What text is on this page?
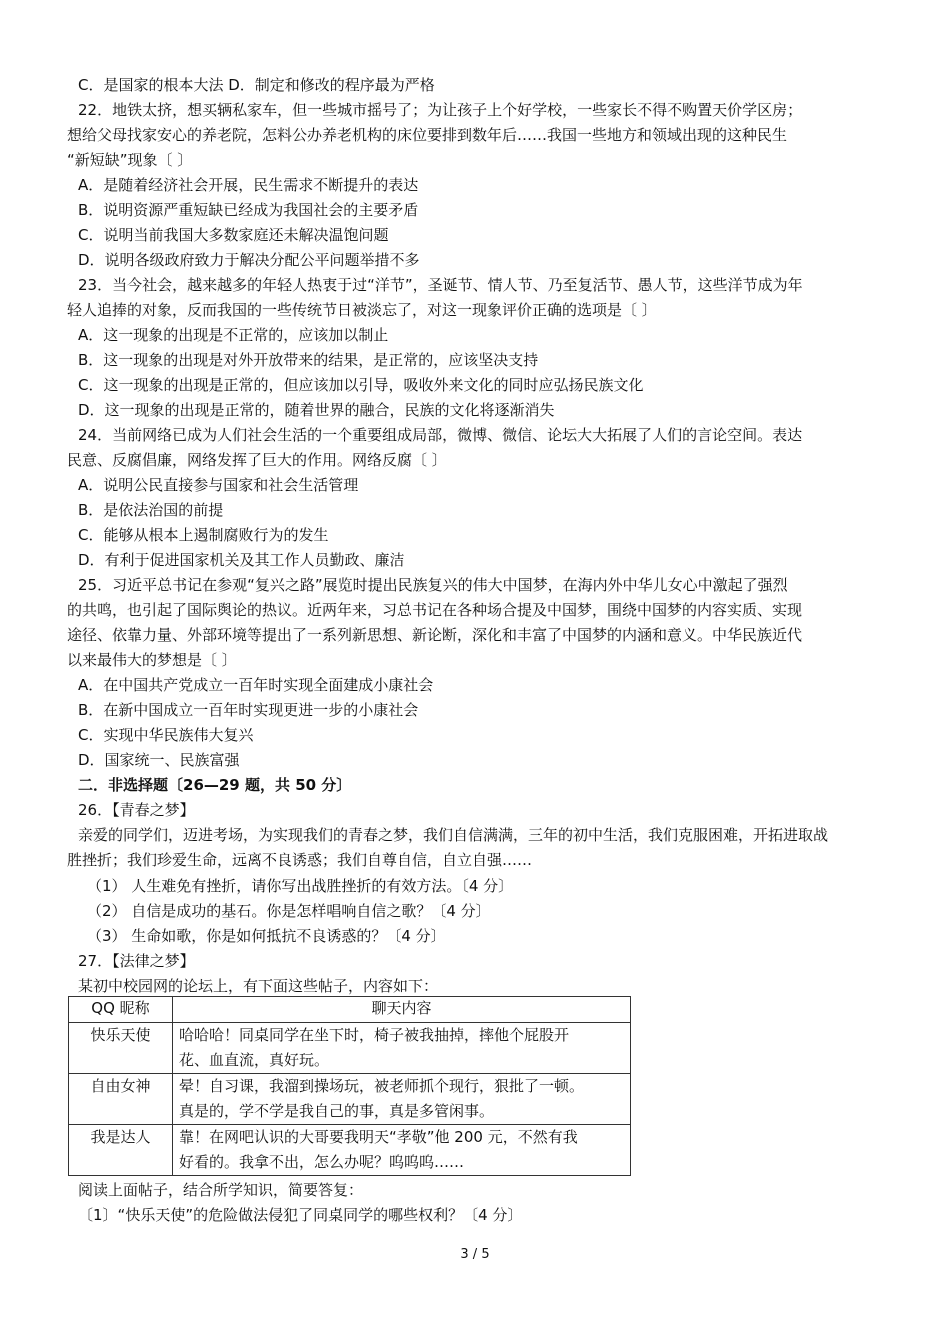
C．是国家的根本大法 D．制定和修改的程序最为严格
22．地铁太挤，想买辆私家车，但一些城市摇号了；为让孩子上个好学校，一些家长不得不购置天价学区房；
想给父母找家安心的养老院，怎料公办养老机构的床位要排到数年后……我国一些地方和领域出现的这种民生
“新短缺”现象〔 〕
A．是随着经济社会开展，民生需求不断提升的表达
B．说明资源严重短缺已经成为我国社会的主要矛盾
C．说明当前我国大多数家庭还未解决温饱问题
D．说明各级政府致力于解决分配公平问题举措不多
23．当今社会，越来越多的年轻人热衷于过“洋节”，圣诞节、情人节、乃至复活节、愚人节，这些洋节成为年
轻人追捧的对象，反而我国的一些传统节日被淡忘了，对这一现象评价正确的选项是〔 〕
A．这一现象的出现是不正常的，应该加以制止
B．这一现象的出现是对外开放带来的结果，是正常的，应该坚决支持
C．这一现象的出现是正常的，但应该加以引导，吸收外来文化的同时应弘扬民族文化
D．这一现象的出现是正常的，随着世界的融合，民族的文化将逐渐消失
24．当前网络已成为人们社会生活的一个重要组成局部，微博、微信、论坛大大拓展了人们的言论空间。表达
民意、反腐倡廉，网络发挥了巨大的作用。网络反腐〔 〕
A．说明公民直接参与国家和社会生活管理
B．是依法治国的前提
C．能够从根本上遏制腐败行为的发生
D．有利于促进国家机关及其工作人员勤政、廉洁
25．习近平总书记在参观“复兴之路”展览时提出民族复兴的伟大中国梦，在海内外中华儿女心中激起了强烈
的共鸣，也引起了国际舆论的热议。近两年来，习总书记在各种场合提及中国梦，围绕中国梦的内容实质、实现
途径、依靠力量、外部环境等提出了一系列新思想、新论断，深化和丰富了中国梦的内涵和意义。中华民族近代
以来最伟大的梦想是〔 〕
A．在中国共产党成立一百年时实现全面建成小康社会
B．在新中国成立一百年时实现更进一步的小康社会
C．实现中华民族伟大复兴
D．国家统一、民族富强
二．非选择题〔26—29 题，共 50 分〕
26．【青春之梦】
亲爱的同学们，迈进考场，为实现我们的青春之梦，我们自信满满，三年的初中生活，我们克服困难，开拓进取战
胜挫折；我们珍爱生命，远离不良诱惑；我们自尊自信，自立自强……
（1） 人生难免有挫折，请你写出战胜挫折的有效方法。〔4 分〕
（2） 自信是成功的基石。你是怎样唱响自信之歌？〔4 分〕
（3） 生命如歌，你是如何抵抗不良诱惑的？〔4 分〕
27．【法律之梦】
某初中校园网的论坛上，有下面这些帖子，内容如下：
QQ 昵称	聊天内容
快乐天使	哈哈哈！同桌同学在坐下时，椅子被我抽掉，摔他个屁股开
花、血直流，真好玩。

自由女神	晕！自习课，我溜到操场玩，被老师抓个现行，狠批了一顿。
真是的，学不学是我自己的事，真是多管闲事。

我是达人	靠！在网吧认识的大哥要我明天“孝敬”他 200 元，不然有我
好看的。我拿不出，怎么办呢？呜呜呜……
阅读上面帖子，结合所学知识，简要答复：
〔1〕“快乐天使”的危险做法侵犯了同桌同学的哪些权利？〔4 分〕
3 / 5
